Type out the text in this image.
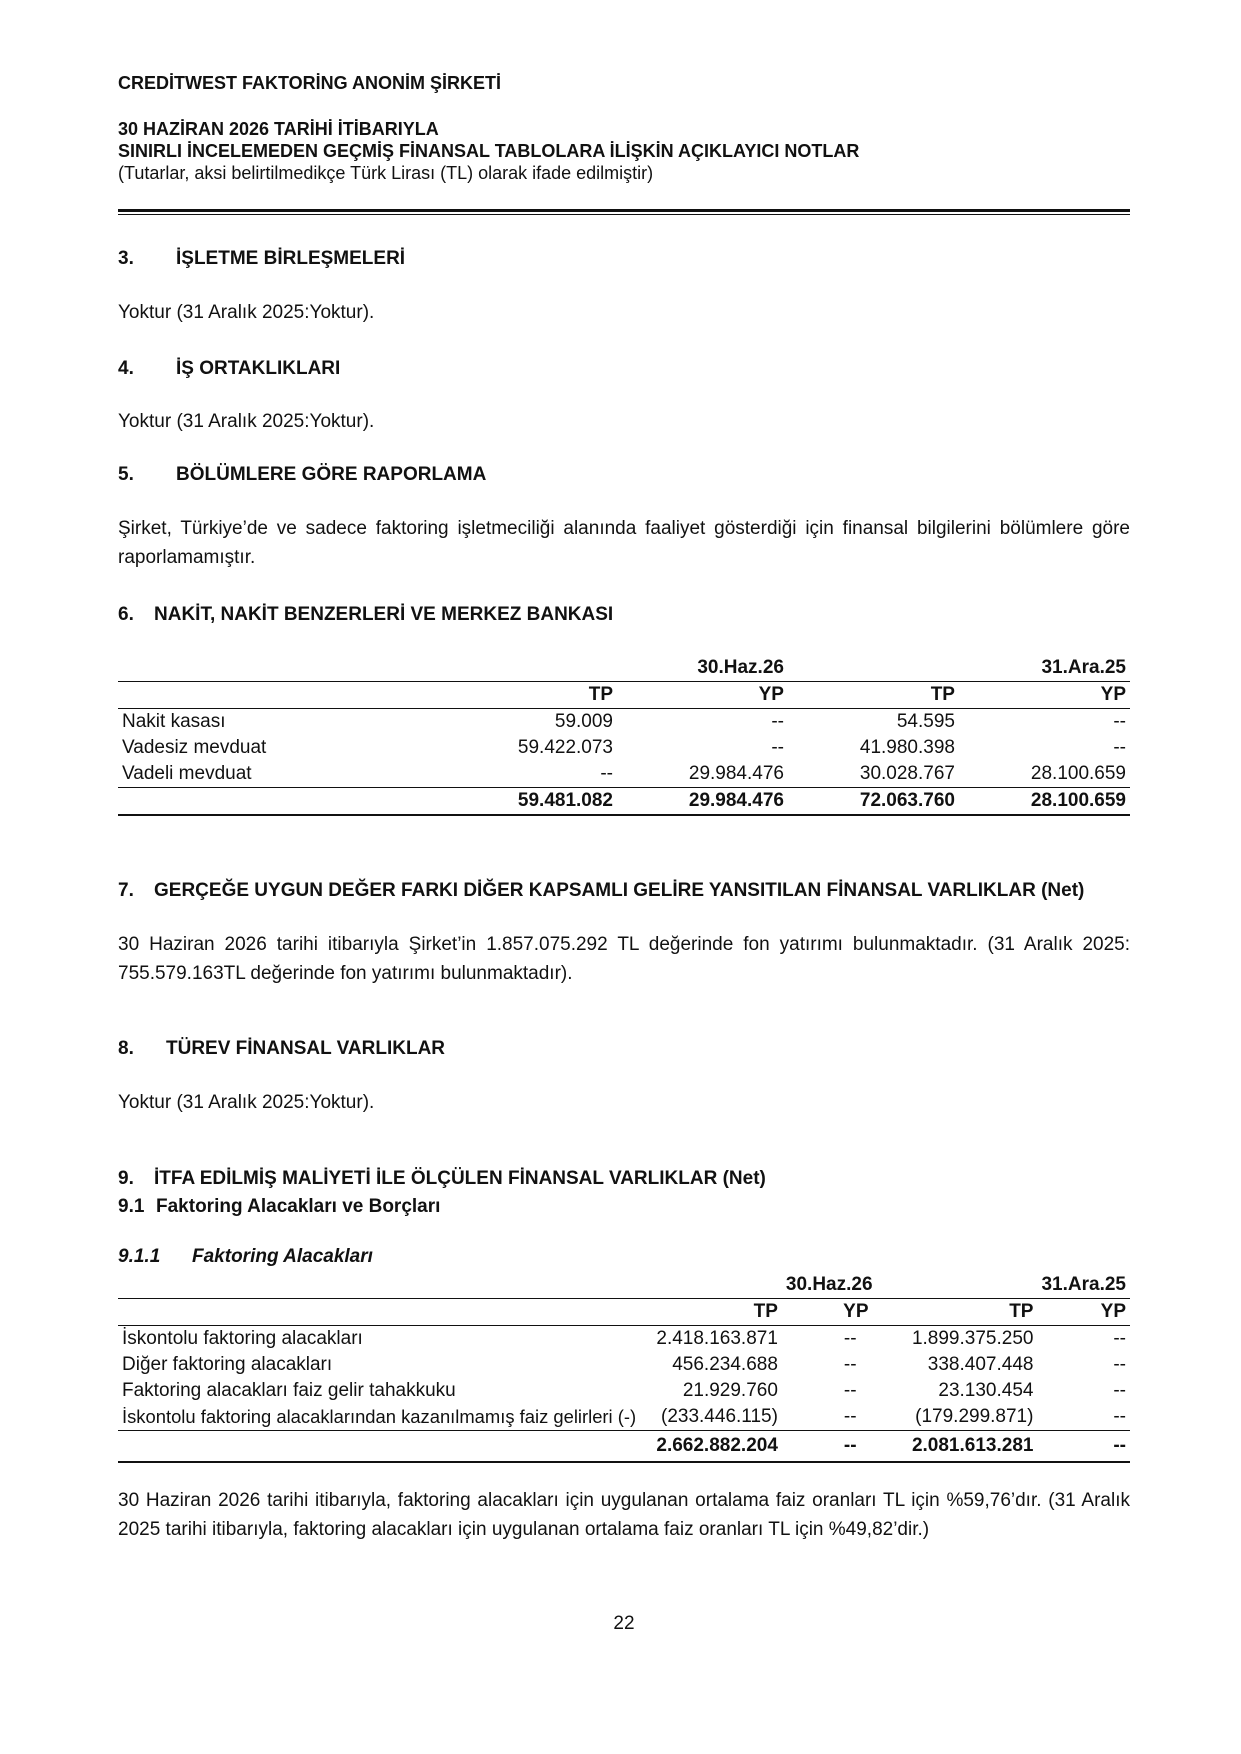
CREDİTWEST FAKTORİNG ANONİM ŞİRKETİ
30 HAZİRAN 2026 TARİHİ İTİBARIYLA
SINIRLI İNCELEMEDEN GEÇMİŞ FİNANSAL TABLOLARA İLİŞKİN AÇIKLAYICI NOTLAR
(Tutarlar, aksi belirtilmedikçe Türk Lirası (TL) olarak ifade edilmiştir)
3. İŞLETME BİRLEŞMELERİ
Yoktur (31 Aralık 2025:Yoktur).
4. İŞ ORTAKLIKLARI
Yoktur (31 Aralık 2025:Yoktur).
5. BÖLÜMLERE GÖRE RAPORLAMA
Şirket, Türkiye’de ve sadece faktoring işletmeciliği alanında faaliyet gösterdiği için finansal bilgilerini bölümlere göre raporlamamıştır.
6. NAKİT, NAKİT BENZERLERİ VE MERKEZ BANKASI
		30.Haz.26		31.Ara.25
	TP	YP	TP	YP
Nakit kasası	59.009	--	54.595	--
Vadesiz mevduat	59.422.073	--	41.980.398	--
Vadeli mevduat	--	29.984.476	30.028.767	28.100.659
	59.481.082	29.984.476	72.063.760	28.100.659
7. GERÇEĞE UYGUN DEĞER FARKI DİĞER KAPSAMLI GELİRE YANSITILAN FİNANSAL VARLIKLAR (Net)
30 Haziran 2026 tarihi itibarıyla Şirket’in 1.857.075.292 TL değerinde fon yatırımı bulunmaktadır. (31 Aralık 2025:
755.579.163TL değerinde fon yatırımı bulunmaktadır).
8. TÜREV FİNANSAL VARLIKLAR
Yoktur (31 Aralık 2025:Yoktur).
9. İTFA EDİLMİŞ MALİYETİ İLE ÖLÇÜLEN FİNANSAL VARLIKLAR (Net)
9.1 Faktoring Alacakları ve Borçları
9.1.1 Faktoring Alacakları
		30.Haz.26		31.Ara.25
	TP	YP	TP	YP
İskontolu faktoring alacakları	2.418.163.871	--	1.899.375.250	--
Diğer faktoring alacakları	456.234.688	--	338.407.448	--
Faktoring alacakları faiz gelir tahakkuku	21.929.760	--	23.130.454	--
İskontolu faktoring alacaklarından kazanılmamış faiz gelirleri (-)	(233.446.115)	--	(179.299.871)	--
	2.662.882.204	--	2.081.613.281	--
30 Haziran 2026 tarihi itibarıyla, faktoring alacakları için uygulanan ortalama faiz oranları TL için %59,76’dır. (31 Aralık
2025 tarihi itibarıyla, faktoring alacakları için uygulanan ortalama faiz oranları TL için %49,82’dir.)
22
